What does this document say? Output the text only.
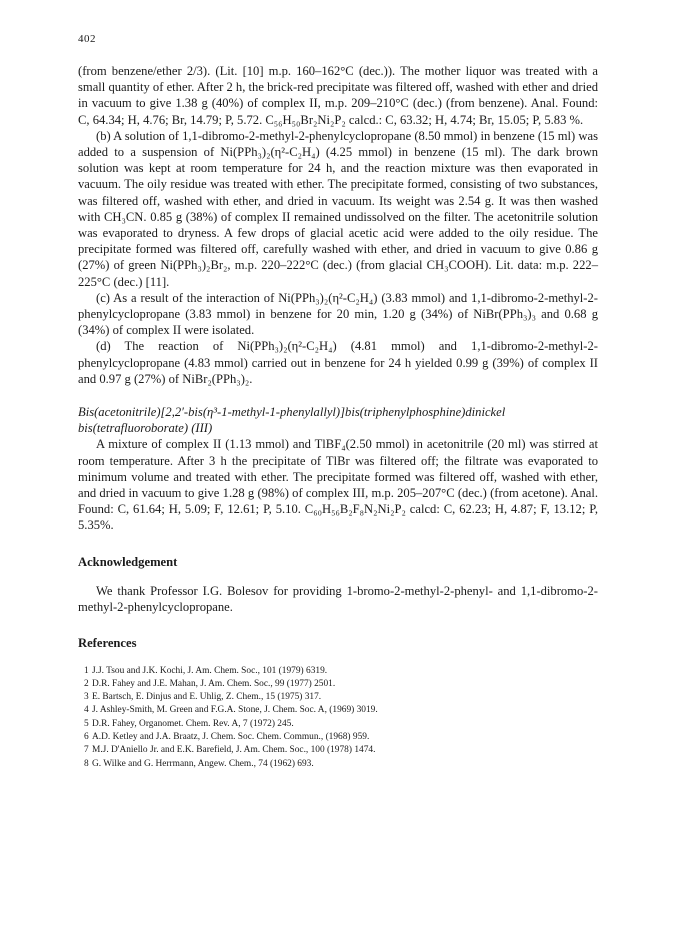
402

(from benzene/ether 2/3). (Lit. [10] m.p. 160–162°C (dec.)). The mother liquor was treated with a small quantity of ether. After 2 h, the brick-red precipitate was filtered off, washed with ether and dried in vacuum to give 1.38 g (40%) of complex II, m.p. 209–210°C (dec.) (from benzene). Anal. Found: C, 64.34; H, 4.76; Br, 14.79; P, 5.72. C₅₆H₅₀Br₂Ni₂P₂ calcd.: C, 63.32; H, 4.74; Br, 15.05; P, 5.83 %.

(b) A solution of 1,1-dibromo-2-methyl-2-phenylcyclopropane (8.50 mmol) in benzene (15 ml) was added to a suspension of Ni(PPh₃)₂(η²-C₂H₄) (4.25 mmol) in benzene (15 ml). The dark brown solution was kept at room temperature for 24 h, and the reaction mixture was then evaporated in vacuum. The oily residue was treated with ether. The precipitate formed, consisting of two substances, was filtered off, washed with ether, and dried in vacuum. Its weight was 2.54 g. It was then washed with CH₃CN. 0.85 g (38%) of complex II remained undissolved on the filter. The acetonitrile solution was evaporated to dryness. A few drops of glacial acetic acid were added to the oily residue. The precipitate formed was filtered off, carefully washed with ether, and dried in vacuum to give 0.86 g (27%) of green Ni(PPh₃)₂Br₂, m.p. 220–222°C (dec.) (from glacial CH₃COOH). Lit. data: m.p. 222–225°C (dec.) [11].

(c) As a result of the interaction of Ni(PPh₃)₂(η²-C₂H₄) (3.83 mmol) and 1,1-dibromo-2-methyl-2-phenylcyclopropane (3.83 mmol) in benzene for 20 min, 1.20 g (34%) of NiBr(PPh₃)₃ and 0.68 g (34%) of complex II were isolated.

(d) The reaction of Ni(PPh₃)₂(η²-C₂H₄) (4.81 mmol) and 1,1-dibromo-2-methyl-2-phenylcyclopropane (4.83 mmol) carried out in benzene for 24 h yielded 0.99 g (39%) of complex II and 0.97 g (27%) of NiBr₂(PPh₃)₂.

Bis(acetonitrile)[2,2′-bis(η³-1-methyl-1-phenylallyl)]bis(triphenylphosphine)dinickel bis(tetrafluoroborate) (III)

A mixture of complex II (1.13 mmol) and TlBF₄(2.50 mmol) in acetonitrile (20 ml) was stirred at room temperature. After 3 h the precipitate of TlBr was filtered off; the filtrate was evaporated to minimum volume and treated with ether. The precipitate formed was filtered off, washed with ether, and dried in vacuum to give 1.28 g (98%) of complex III, m.p. 205–207°C (dec.) (from acetone). Anal. Found: C, 61.64; H, 5.09; F, 12.61; P, 5.10. C₆₀H₅₆B₂F₈N₂Ni₂P₂ calcd: C, 62.23; H, 4.87; F, 13.12; P, 5.35%.

Acknowledgement

We thank Professor I.G. Bolesov for providing 1-bromo-2-methyl-2-phenyl- and 1,1-dibromo-2-methyl-2-phenylcyclopropane.

References

1 J.J. Tsou and J.K. Kochi, J. Am. Chem. Soc., 101 (1979) 6319.
2 D.R. Fahey and J.E. Mahan, J. Am. Chem. Soc., 99 (1977) 2501.
3 E. Bartsch, E. Dinjus and E. Uhlig, Z. Chem., 15 (1975) 317.
4 J. Ashley-Smith, M. Green and F.G.A. Stone, J. Chem. Soc. A, (1969) 3019.
5 D.R. Fahey, Organomet. Chem. Rev. A, 7 (1972) 245.
6 A.D. Ketley and J.A. Braatz, J. Chem. Soc. Chem. Commun., (1968) 959.
7 M.J. D'Aniello Jr. and E.K. Barefield, J. Am. Chem. Soc., 100 (1978) 1474.
8 G. Wilke and G. Herrmann, Angew. Chem., 74 (1962) 693.
